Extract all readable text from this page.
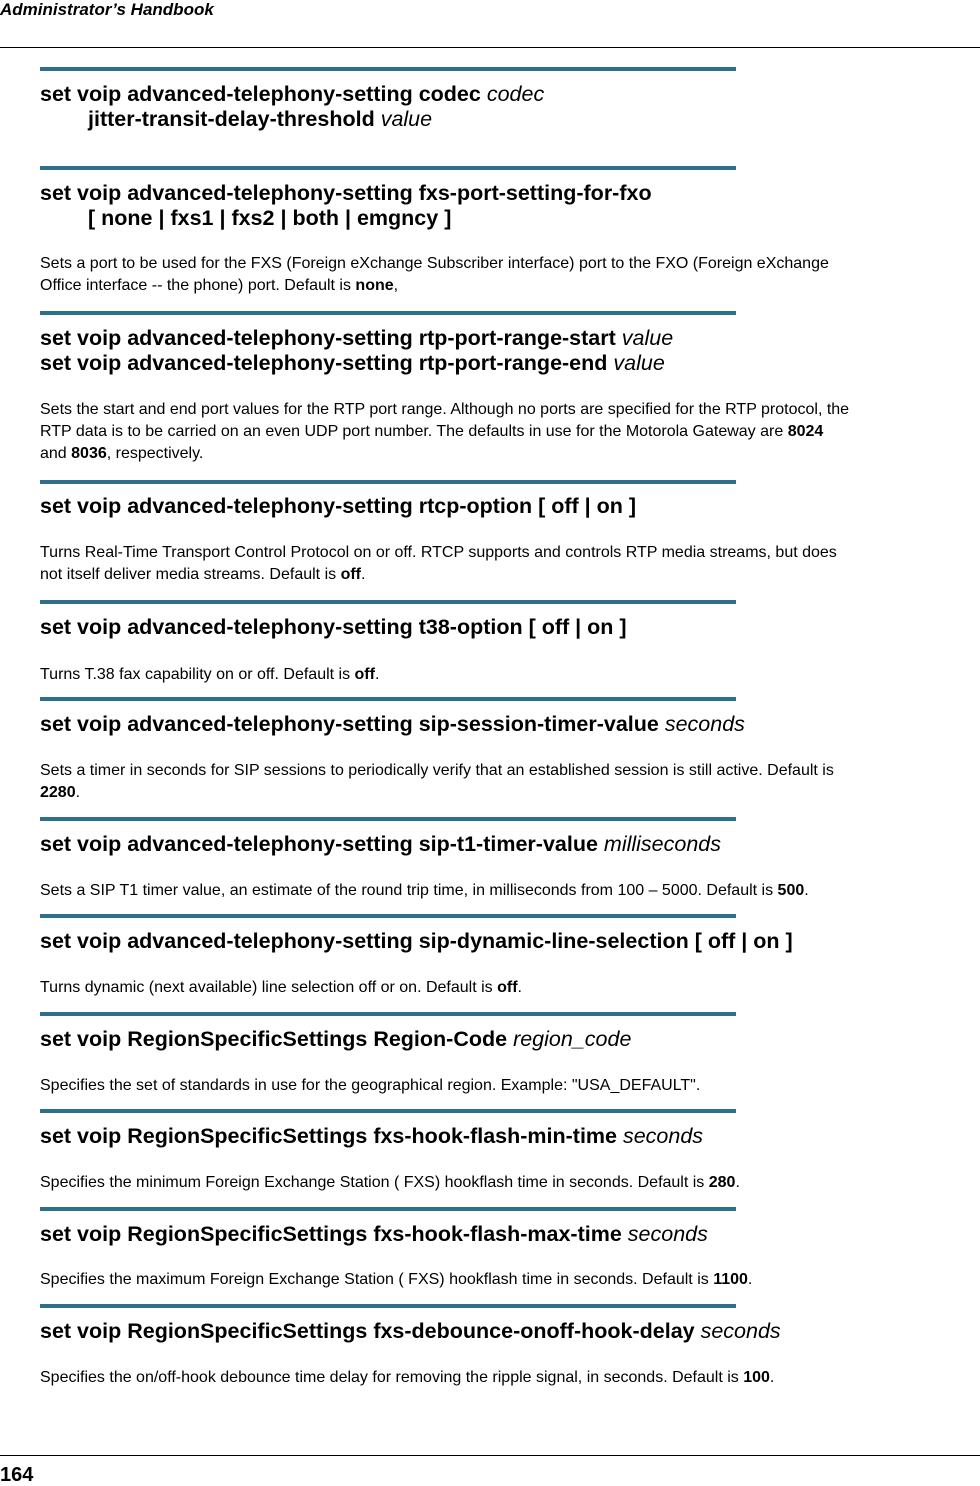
Administrator’s Handbook
set voip advanced-telephony-setting codec codec
jitter-transit-delay-threshold value
set voip advanced-telephony-setting fxs-port-setting-for-fxo
[ none | fxs1 | fxs2 | both | emgncy ]
Sets a port to be used for the FXS (Foreign eXchange Subscriber interface) port to the FXO (Foreign eXchange
Office interface -- the phone) port. Default is none,
set voip advanced-telephony-setting rtp-port-range-start value
set voip advanced-telephony-setting rtp-port-range-end value
Sets the start and end port values for the RTP port range. Although no ports are specified for the RTP protocol, the
RTP data is to be carried on an even UDP port number. The defaults in use for the Motorola Gateway are 8024
and 8036, respectively.
set voip advanced-telephony-setting rtcp-option [ off | on ]
Turns Real-Time Transport Control Protocol on or off. RTCP supports and controls RTP media streams, but does
not itself deliver media streams. Default is off.
set voip advanced-telephony-setting t38-option [ off | on ]
Turns T.38 fax capability on or off. Default is off.
set voip advanced-telephony-setting sip-session-timer-value seconds
Sets a timer in seconds for SIP sessions to periodically verify that an established session is still active. Default is
2280.
set voip advanced-telephony-setting sip-t1-timer-value milliseconds
Sets a SIP T1 timer value, an estimate of the round trip time, in milliseconds from 100 – 5000. Default is 500.
set voip advanced-telephony-setting sip-dynamic-line-selection [ off | on ]
Turns dynamic (next available) line selection off or on. Default is off.
set voip RegionSpecificSettings Region-Code region_code
Specifies the set of standards in use for the geographical region. Example: "USA_DEFAULT".
set voip RegionSpecificSettings fxs-hook-flash-min-time seconds
Specifies the minimum Foreign Exchange Station ( FXS) hookflash time in seconds. Default is 280.
set voip RegionSpecificSettings fxs-hook-flash-max-time seconds
Specifies the maximum Foreign Exchange Station ( FXS) hookflash time in seconds. Default is 1100.
set voip RegionSpecificSettings fxs-debounce-onoff-hook-delay seconds
Specifies the on/off-hook debounce time delay for removing the ripple signal, in seconds. Default is 100.
164
